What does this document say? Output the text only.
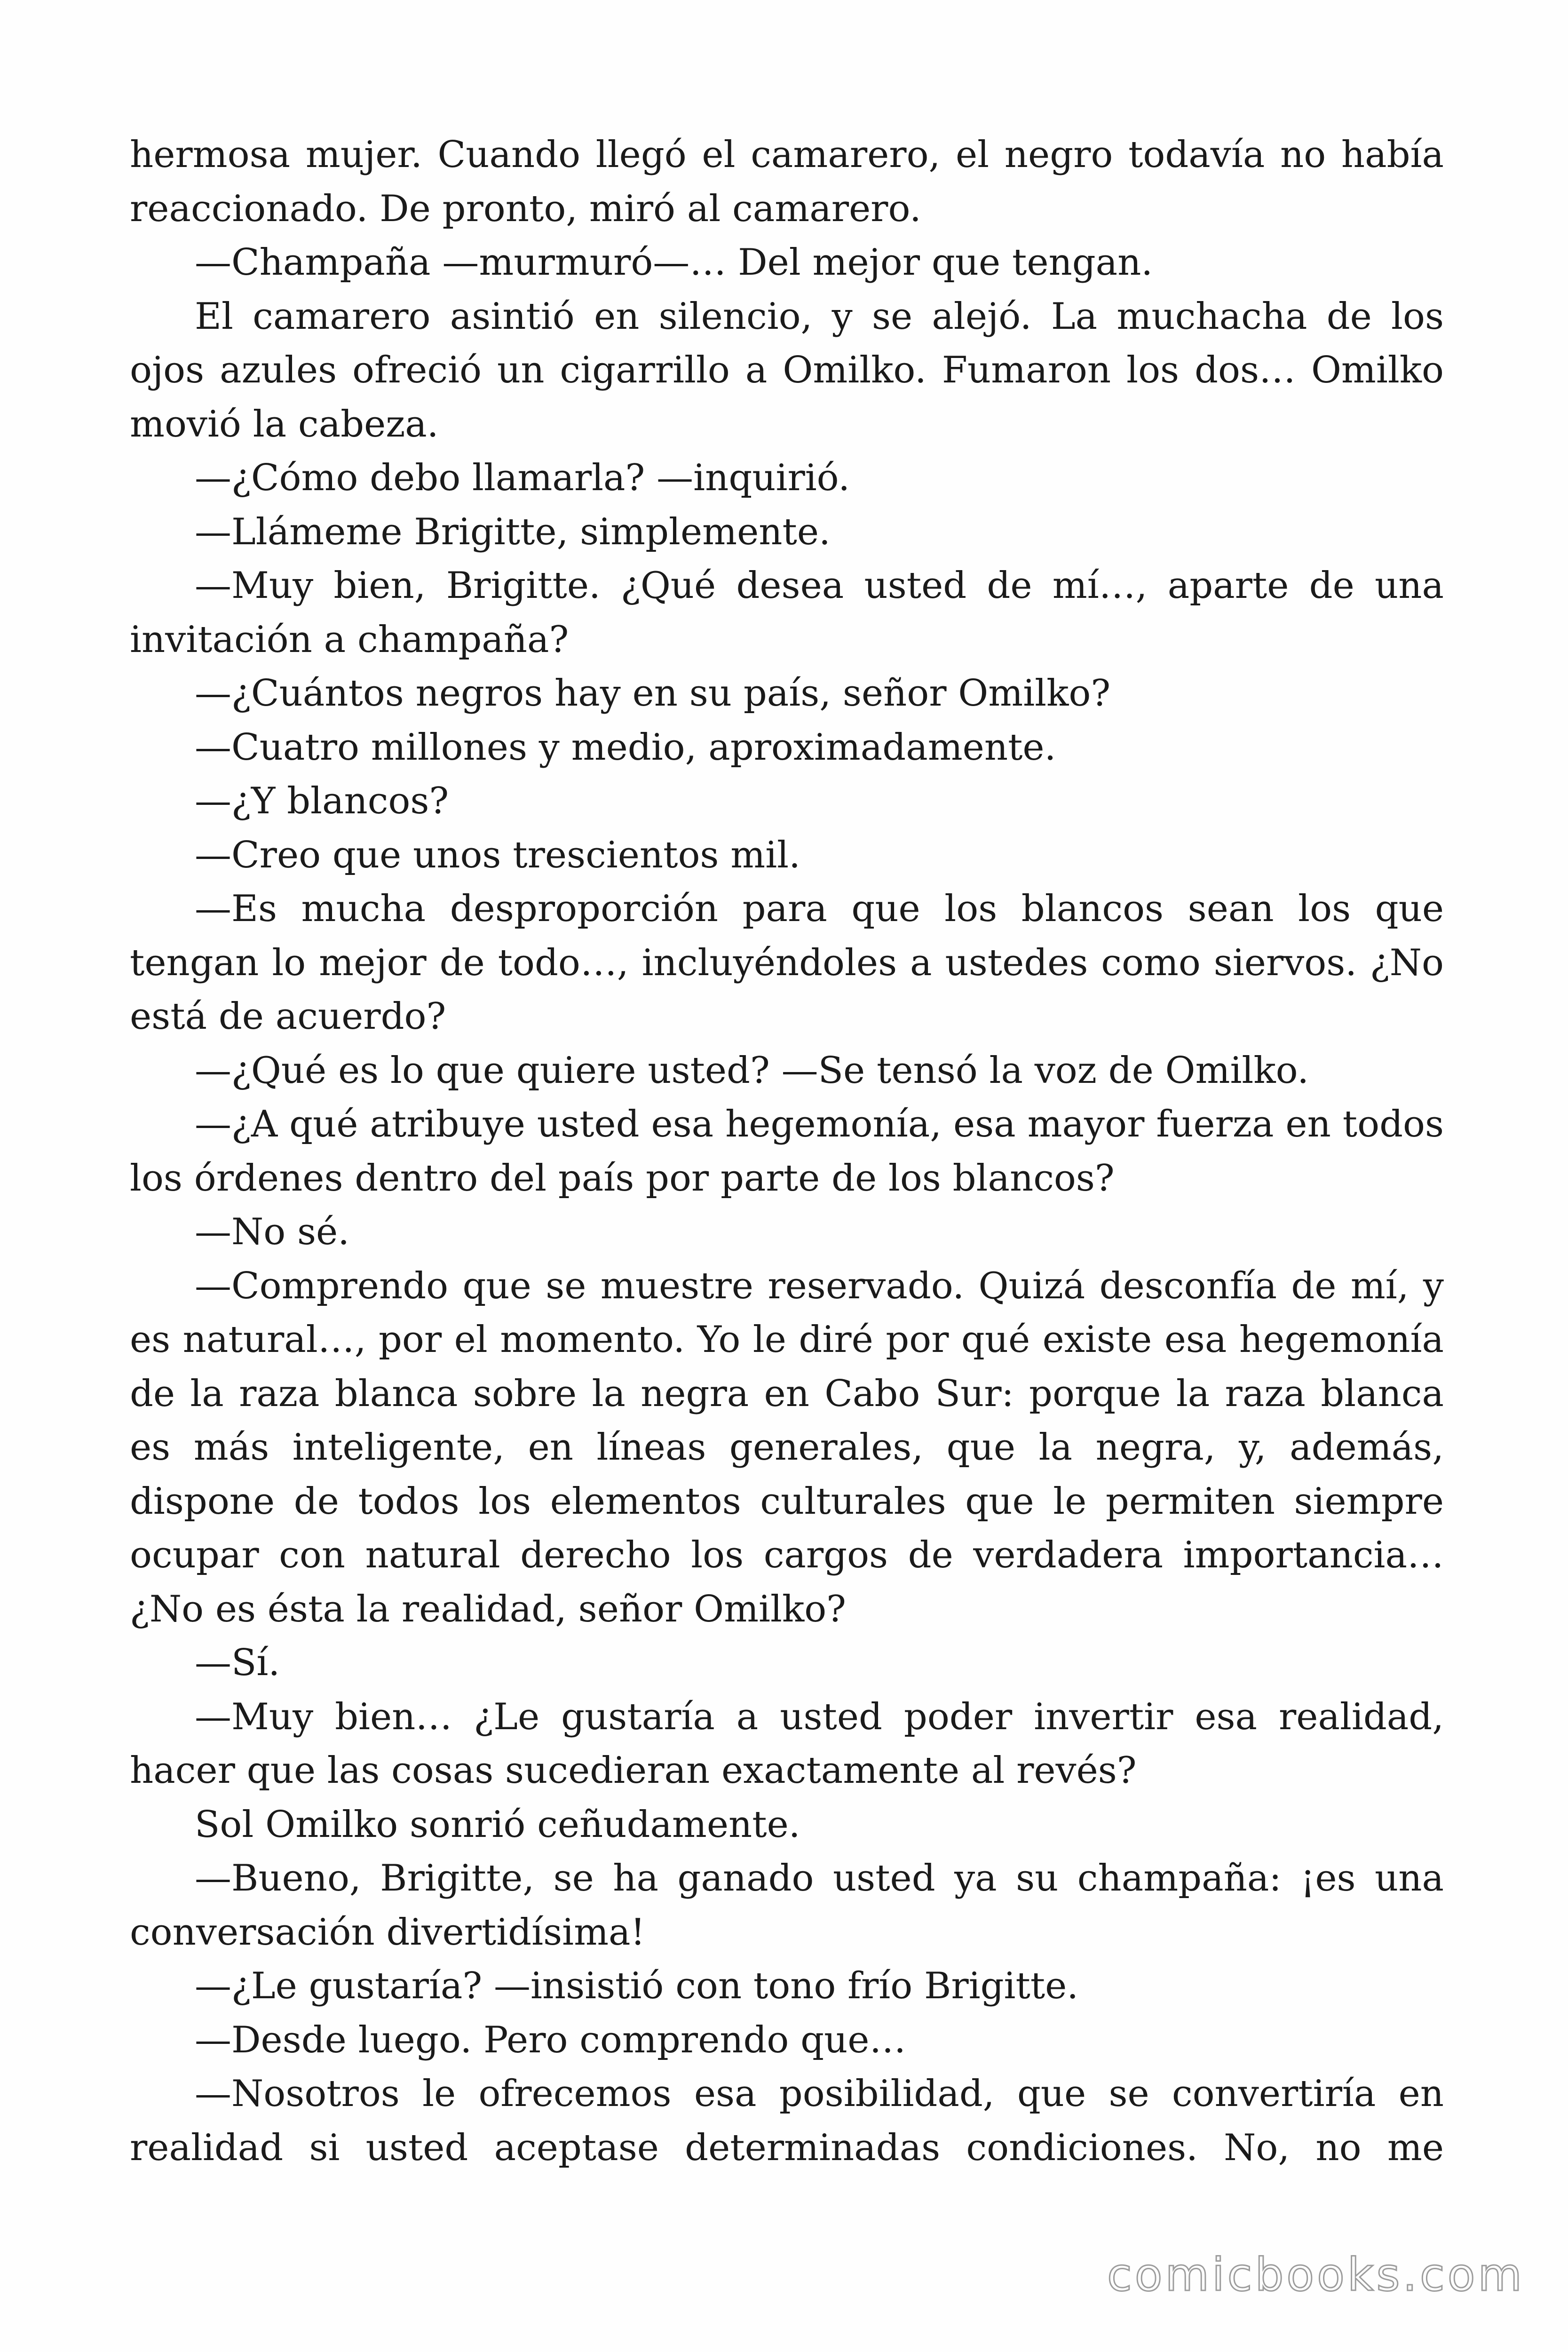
hermosa mujer. Cuando llegó el camarero, el negro todavía no había reaccionado. De pronto, miró al camarero.

—Champaña —murmuró—… Del mejor que tengan.

El camarero asintió en silencio, y se alejó. La muchacha de los ojos azules ofreció un cigarrillo a Omilko. Fumaron los dos… Omilko movió la cabeza.

—¿Cómo debo llamarla? —inquirió.

—Llámeme Brigitte, simplemente.

—Muy bien, Brigitte. ¿Qué desea usted de mí…, aparte de una invitación a champaña?

—¿Cuántos negros hay en su país, señor Omilko?

—Cuatro millones y medio, aproximadamente.

—¿Y blancos?

—Creo que unos trescientos mil.

—Es mucha desproporción para que los blancos sean los que tengan lo mejor de todo…, incluyéndoles a ustedes como siervos. ¿No está de acuerdo?

—¿Qué es lo que quiere usted? —Se tensó la voz de Omilko.

—¿A qué atribuye usted esa hegemonía, esa mayor fuerza en todos los órdenes dentro del país por parte de los blancos?

—No sé.

—Comprendo que se muestre reservado. Quizá desconfía de mí, y es natural…, por el momento. Yo le diré por qué existe esa hegemonía de la raza blanca sobre la negra en Cabo Sur: porque la raza blanca es más inteligente, en líneas generales, que la negra, y, además, dispone de todos los elementos culturales que le permiten siempre ocupar con natural derecho los cargos de verdadera importancia… ¿No es ésta la realidad, señor Omilko?

—Sí.

—Muy bien… ¿Le gustaría a usted poder invertir esa realidad, hacer que las cosas sucedieran exactamente al revés?

Sol Omilko sonrió ceñudamente.

—Bueno, Brigitte, se ha ganado usted ya su champaña: ¡es una conversación divertidísima!

—¿Le gustaría? —insistió con tono frío Brigitte.

—Desde luego. Pero comprendo que…

—Nosotros le ofrecemos esa posibilidad, que se convertiría en realidad si usted aceptase determinadas condiciones. No, no me

comicbooks.com
